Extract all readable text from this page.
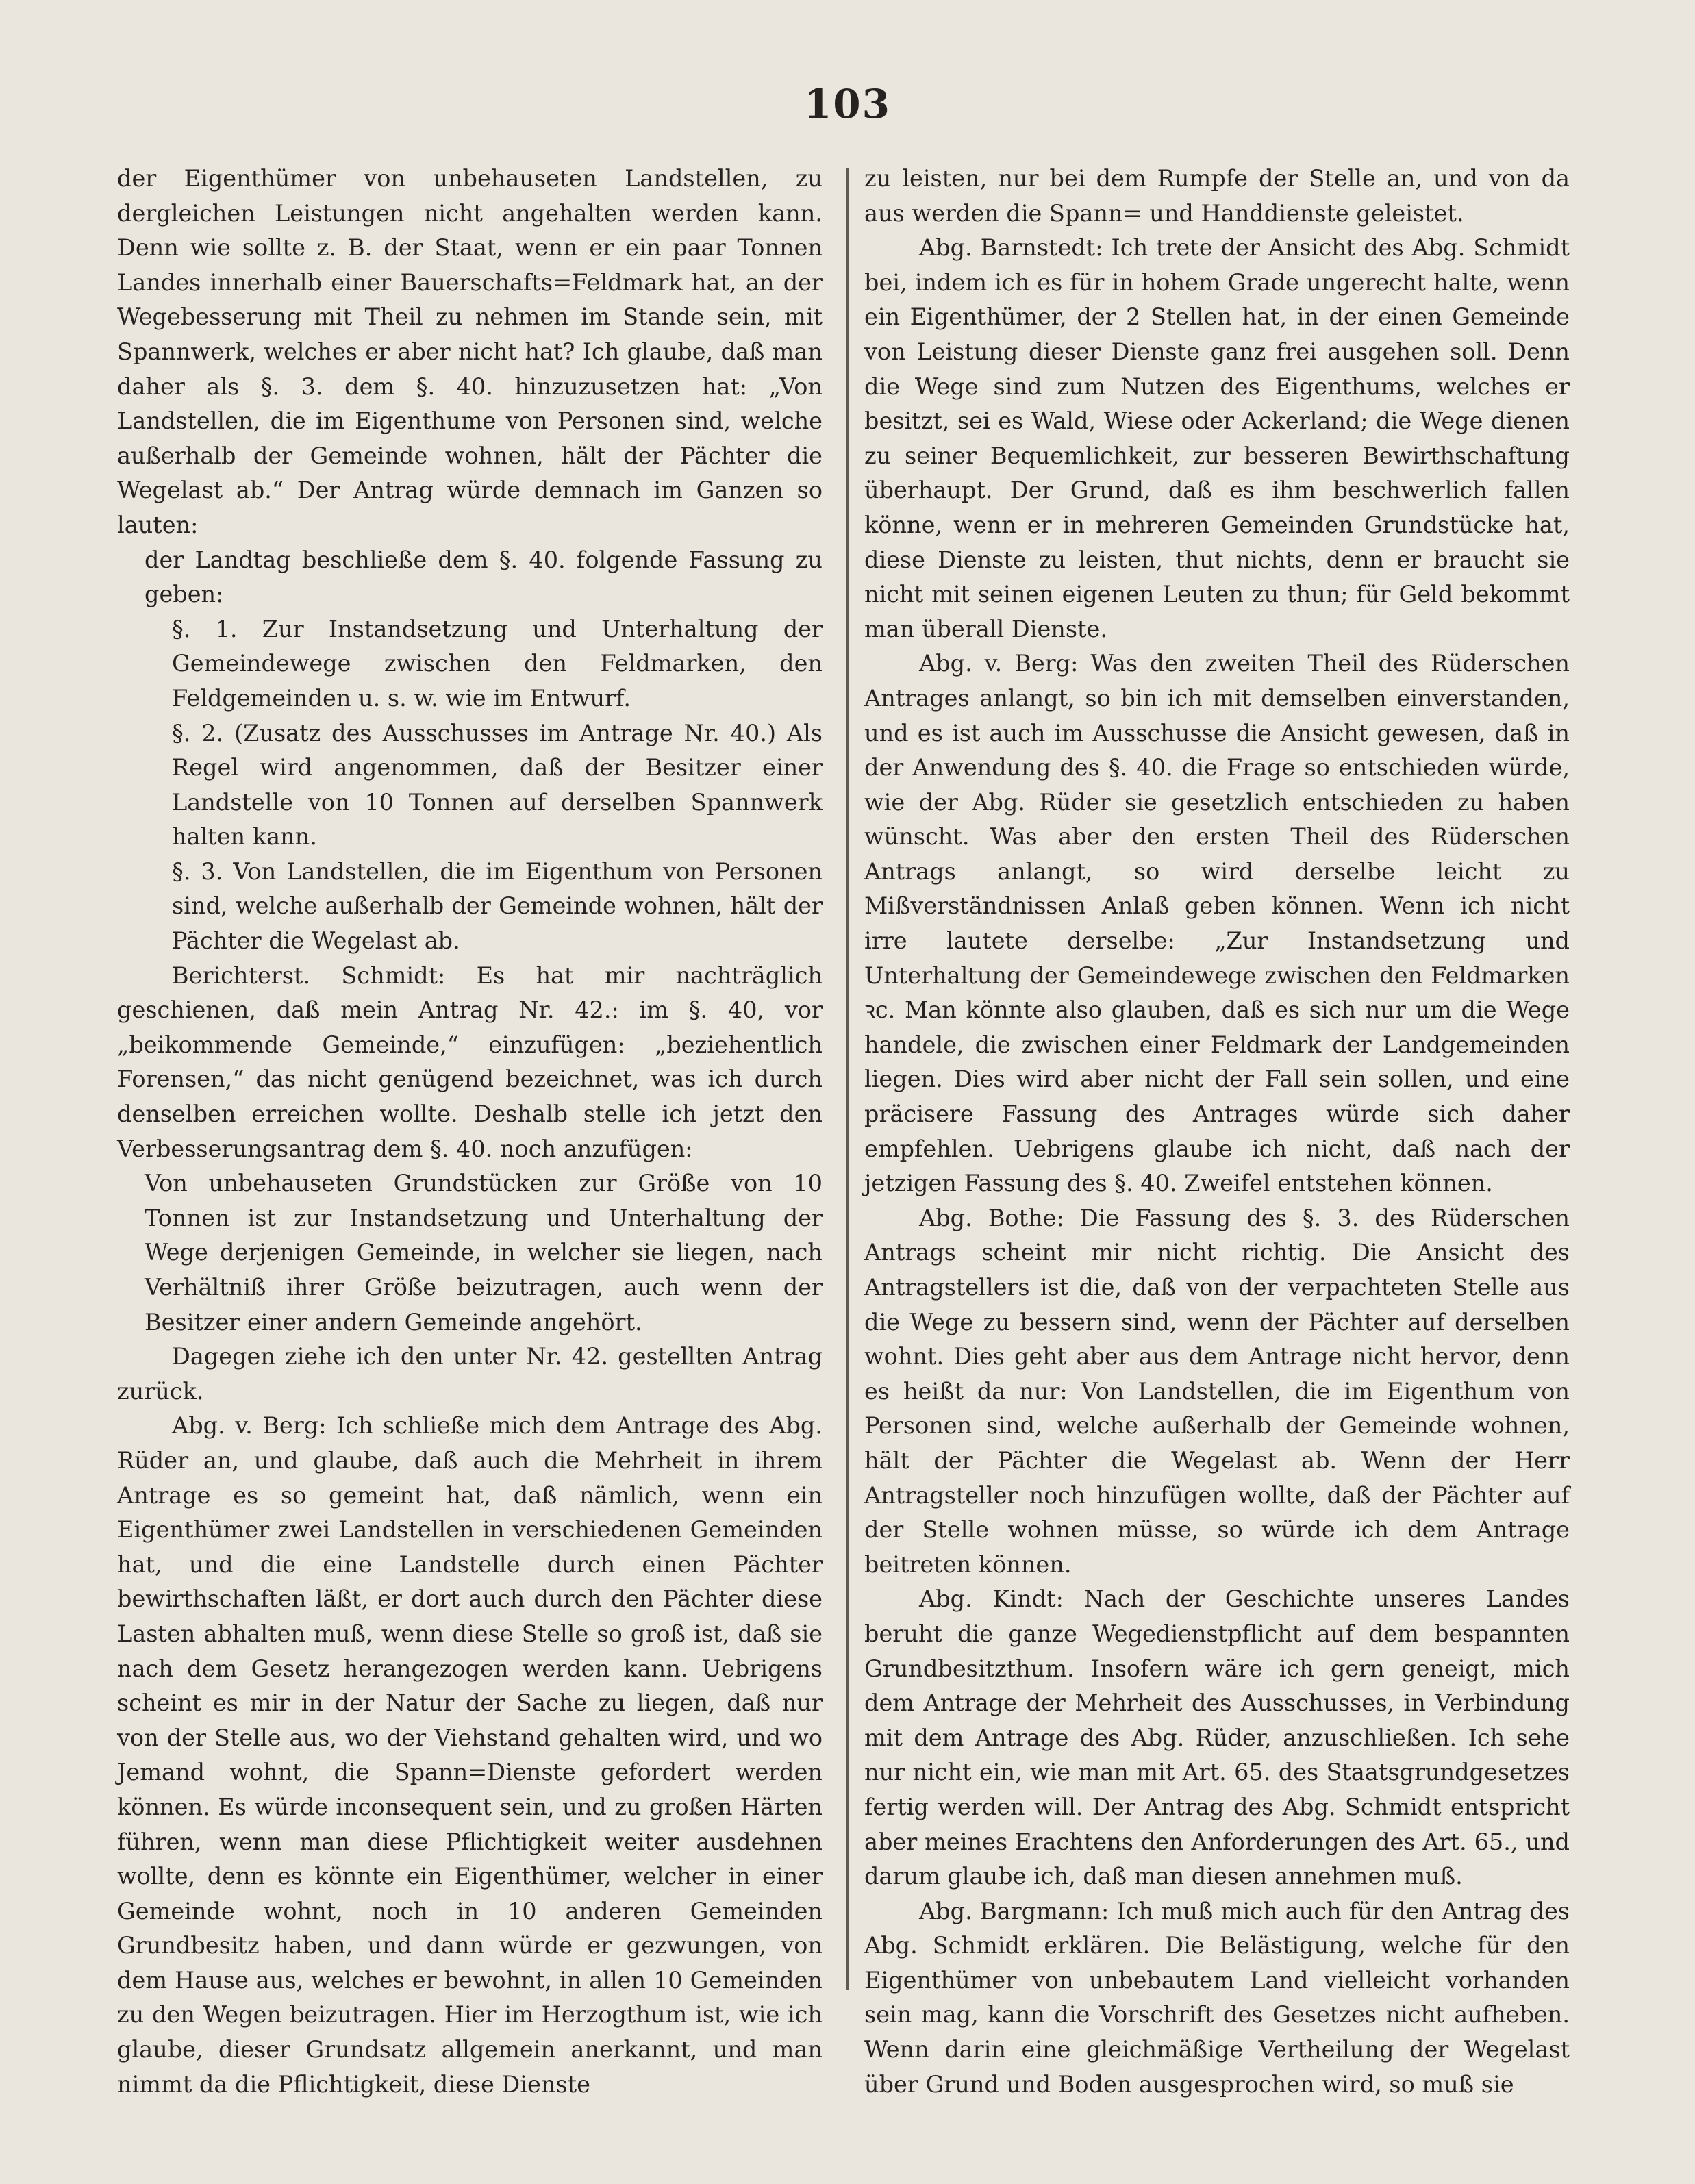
103

der Eigenthümer von unbehauseten Landstellen, zu dergleichen Leistungen nicht angehalten werden kann. Denn wie sollte z. B. der Staat, wenn er ein paar Tonnen Landes innerhalb einer Bauerschafts=Feldmark hat, an der Wegebesserung mit Theil zu nehmen im Stande sein, mit Spannwerk, welches er aber nicht hat? Ich glaube, daß man daher als §. 3. dem §. 40. hinzuzusetzen hat: „Von Landstellen, die im Eigenthume von Personen sind, welche außerhalb der Gemeinde wohnen, hält der Pächter die Wegelast ab.“ Der Antrag würde demnach im Ganzen so lauten:

der Landtag beschließe dem §. 40. folgende Fassung zu geben:

§. 1. Zur Instandsetzung und Unterhaltung der Gemeindewege zwischen den Feldmarken, den Feldgemeinden u. s. w. wie im Entwurf.

§. 2. (Zusatz des Ausschusses im Antrage Nr. 40.) Als Regel wird angenommen, daß der Besitzer einer Landstelle von 10 Tonnen auf derselben Spannwerk halten kann.

§. 3. Von Landstellen, die im Eigenthum von Personen sind, welche außerhalb der Gemeinde wohnen, hält der Pächter die Wegelast ab.

Berichterst. Schmidt: Es hat mir nachträglich geschienen, daß mein Antrag Nr. 42.: im §. 40, vor „beikommende Gemeinde,“ einzufügen: „beziehentlich Forensen,“ das nicht genügend bezeichnet, was ich durch denselben erreichen wollte. Deshalb stelle ich jetzt den Verbesserungsantrag dem §. 40. noch anzufügen:

Von unbehauseten Grundstücken zur Größe von 10 Tonnen ist zur Instandsetzung und Unterhaltung der Wege derjenigen Gemeinde, in welcher sie liegen, nach Verhältniß ihrer Größe beizutragen, auch wenn der Besitzer einer andern Gemeinde angehört.

Dagegen ziehe ich den unter Nr. 42. gestellten Antrag zurück.

Abg. v. Berg: Ich schließe mich dem Antrage des Abg. Rüder an, und glaube, daß auch die Mehrheit in ihrem Antrage es so gemeint hat, daß nämlich, wenn ein Eigenthümer zwei Landstellen in verschiedenen Gemeinden hat, und die eine Landstelle durch einen Pächter bewirthschaften läßt, er dort auch durch den Pächter diese Lasten abhalten muß, wenn diese Stelle so groß ist, daß sie nach dem Gesetz herangezogen werden kann. Uebrigens scheint es mir in der Natur der Sache zu liegen, daß nur von der Stelle aus, wo der Viehstand gehalten wird, und wo Jemand wohnt, die Spann=Dienste gefordert werden können. Es würde inconsequent sein, und zu großen Härten führen, wenn man diese Pflichtigkeit weiter ausdehnen wollte, denn es könnte ein Eigenthümer, welcher in einer Gemeinde wohnt, noch in 10 anderen Gemeinden Grundbesitz haben, und dann würde er gezwungen, von dem Hause aus, welches er bewohnt, in allen 10 Gemeinden zu den Wegen beizutragen. Hier im Herzogthum ist, wie ich glaube, dieser Grundsatz allgemein anerkannt, und man nimmt da die Pflichtigkeit, diese Dienste

zu leisten, nur bei dem Rumpfe der Stelle an, und von da aus werden die Spann= und Handdienste geleistet.

Abg. Barnstedt: Ich trete der Ansicht des Abg. Schmidt bei, indem ich es für in hohem Grade ungerecht halte, wenn ein Eigenthümer, der 2 Stellen hat, in der einen Gemeinde von Leistung dieser Dienste ganz frei ausgehen soll. Denn die Wege sind zum Nutzen des Eigenthums, welches er besitzt, sei es Wald, Wiese oder Ackerland; die Wege dienen zu seiner Bequemlichkeit, zur besseren Bewirthschaftung überhaupt. Der Grund, daß es ihm beschwerlich fallen könne, wenn er in mehreren Gemeinden Grundstücke hat, diese Dienste zu leisten, thut nichts, denn er braucht sie nicht mit seinen eigenen Leuten zu thun; für Geld bekommt man überall Dienste.

Abg. v. Berg: Was den zweiten Theil des Rüderschen Antrages anlangt, so bin ich mit demselben einverstanden, und es ist auch im Ausschusse die Ansicht gewesen, daß in der Anwendung des §. 40. die Frage so entschieden würde, wie der Abg. Rüder sie gesetzlich entschieden zu haben wünscht. Was aber den ersten Theil des Rüderschen Antrags anlangt, so wird derselbe leicht zu Mißverständnissen Anlaß geben können. Wenn ich nicht irre lautete derselbe: „Zur Instandsetzung und Unterhaltung der Gemeindewege zwischen den Feldmarken ꝛc. Man könnte also glauben, daß es sich nur um die Wege handele, die zwischen einer Feldmark der Landgemeinden liegen. Dies wird aber nicht der Fall sein sollen, und eine präcisere Fassung des Antrages würde sich daher empfehlen. Uebrigens glaube ich nicht, daß nach der jetzigen Fassung des §. 40. Zweifel entstehen können.

Abg. Bothe: Die Fassung des §. 3. des Rüderschen Antrags scheint mir nicht richtig. Die Ansicht des Antragstellers ist die, daß von der verpachteten Stelle aus die Wege zu bessern sind, wenn der Pächter auf derselben wohnt. Dies geht aber aus dem Antrage nicht hervor, denn es heißt da nur: Von Landstellen, die im Eigenthum von Personen sind, welche außerhalb der Gemeinde wohnen, hält der Pächter die Wegelast ab. Wenn der Herr Antragsteller noch hinzufügen wollte, daß der Pächter auf der Stelle wohnen müsse, so würde ich dem Antrage beitreten können.

Abg. Kindt: Nach der Geschichte unseres Landes beruht die ganze Wegedienstpflicht auf dem bespannten Grundbesitzthum. Insofern wäre ich gern geneigt, mich dem Antrage der Mehrheit des Ausschusses, in Verbindung mit dem Antrage des Abg. Rüder, anzuschließen. Ich sehe nur nicht ein, wie man mit Art. 65. des Staatsgrundgesetzes fertig werden will. Der Antrag des Abg. Schmidt entspricht aber meines Erachtens den Anforderungen des Art. 65., und darum glaube ich, daß man diesen annehmen muß.

Abg. Bargmann: Ich muß mich auch für den Antrag des Abg. Schmidt erklären. Die Belästigung, welche für den Eigenthümer von unbebautem Land vielleicht vorhanden sein mag, kann die Vorschrift des Gesetzes nicht aufheben. Wenn darin eine gleichmäßige Vertheilung der Wegelast über Grund und Boden ausgesprochen wird, so muß sie
